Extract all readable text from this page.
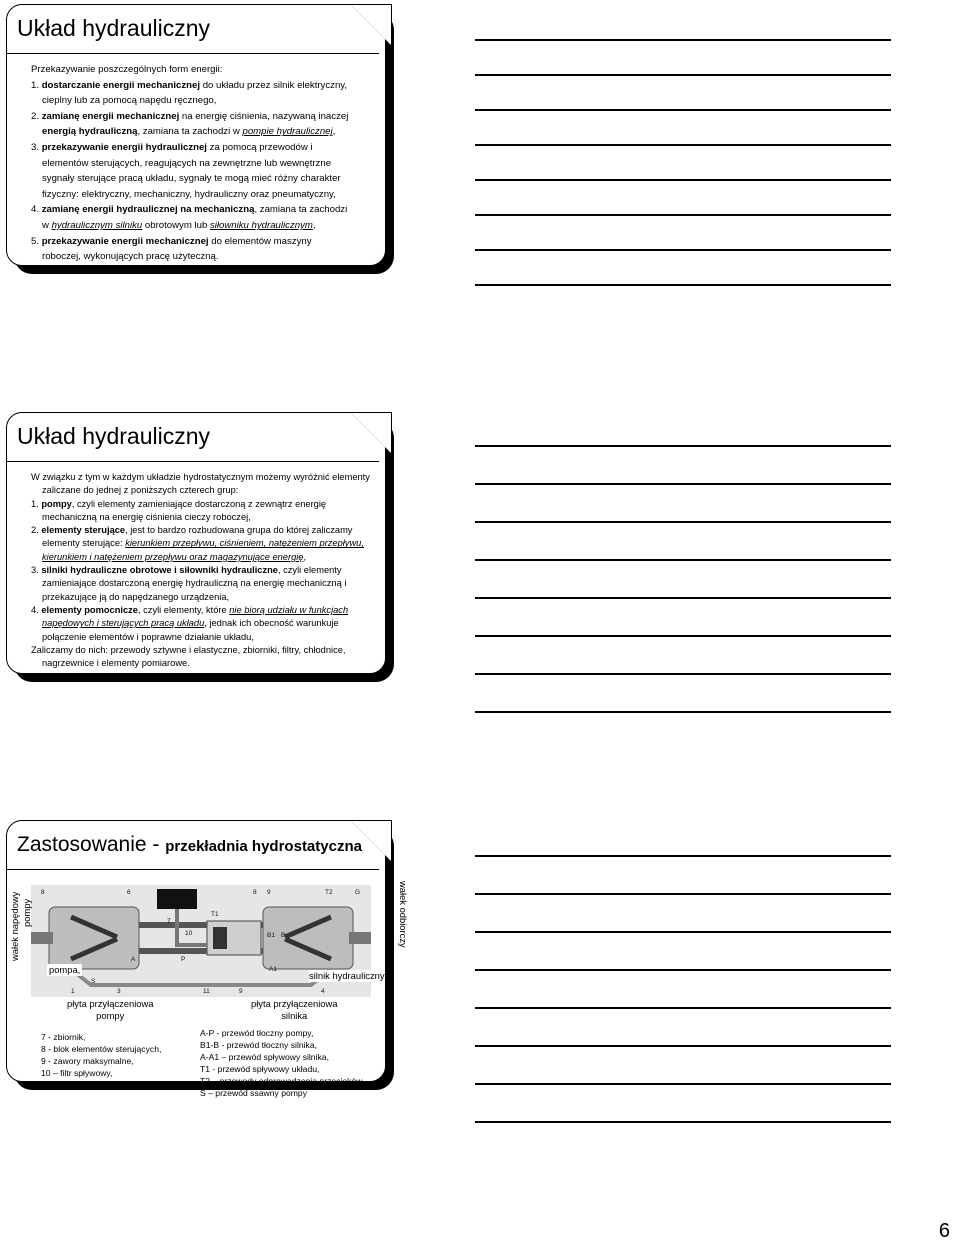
Układ hydrauliczny

Przekazywanie poszczególnych form energii:

1. dostarczanie energii mechanicznej do układu przez silnik elektryczny,

cieplny lub za pomocą napędu ręcznego,

2. zamianę energii mechanicznej na energię ciśnienia, nazywaną inaczej

energią hydrauliczną, zamiana ta zachodzi w pompie hydraulicznej,

3. przekazywanie energii hydraulicznej za pomocą przewodów i

elementów sterujących, reagujących na zewnętrzne lub wewnętrzne

sygnały sterujące pracą układu, sygnały te mogą mieć różny charakter

fizyczny: elektryczny, mechaniczny, hydrauliczny oraz pneumatyczny,

4. zamianę energii hydraulicznej na mechaniczną, zamiana ta zachodzi

w hydraulicznym silniku obrotowym lub siłowniku hydraulicznym,

5. przekazywanie energii mechanicznej do elementów maszyny

roboczej, wykonujących pracę użyteczną.

Układ hydrauliczny

W związku z tym w każdym układzie hydrostatycznym możemy wyróżnić elementy

zaliczane do jednej z poniższych czterech grup:

1. pompy, czyli elementy zamieniające dostarczoną z zewnątrz energię

mechaniczną na energię ciśnienia cieczy roboczej,

2. elementy sterujące, jest to bardzo rozbudowana grupa do której zaliczamy

elementy sterujące: kierunkiem przepływu, ciśnieniem, natężeniem przepływu,

kierunkiem i natężeniem przepływu oraz magazynujące energię,

3. silniki hydrauliczne obrotowe i siłowniki hydrauliczne, czyli elementy

zamieniające dostarczoną energię hydrauliczną na energię mechaniczną i

przekazujące ją do napędzanego urządzenia,

4. elementy pomocnicze, czyli elementy, które nie biorą udziału w funkcjach

napędowych i sterujących pracą układu, jednak ich obecność warunkuje

połączenie elementów i poprawne działanie układu,

Zaliczamy do nich: przewody sztywne i elastyczne, zbiorniki, filtry, chłodnice,

nagrzewnice i elementy pomiarowe.

Zastosowanie - przekładnia hydrostatyczna
8	6	8 9	T2	G
T1
7
10	B1 B
A	P
A1
S
1	3	11	9	4
pompa,
silnik hydrauliczny
płyta przyłączeniowa
pompy
płyta przyłączeniowa
silnika
wałek napędowy pompy	wałek odbiorczy
silnika
7 - zbiornik,
8 - blok elementów sterujących,
9 - zawory maksymalne,
10 – filtr spływowy,
11 - rozdzielacz,
A-P - przewód tłoczny pompy,
B1-B - przewód tłoczny silnika,
A-A1 – przewód spływowy silnika,
T1 - przewód spływowy układu,
T2 – przewody odprowadzenia przecieków,
S – przewód ssawny pompy
6
